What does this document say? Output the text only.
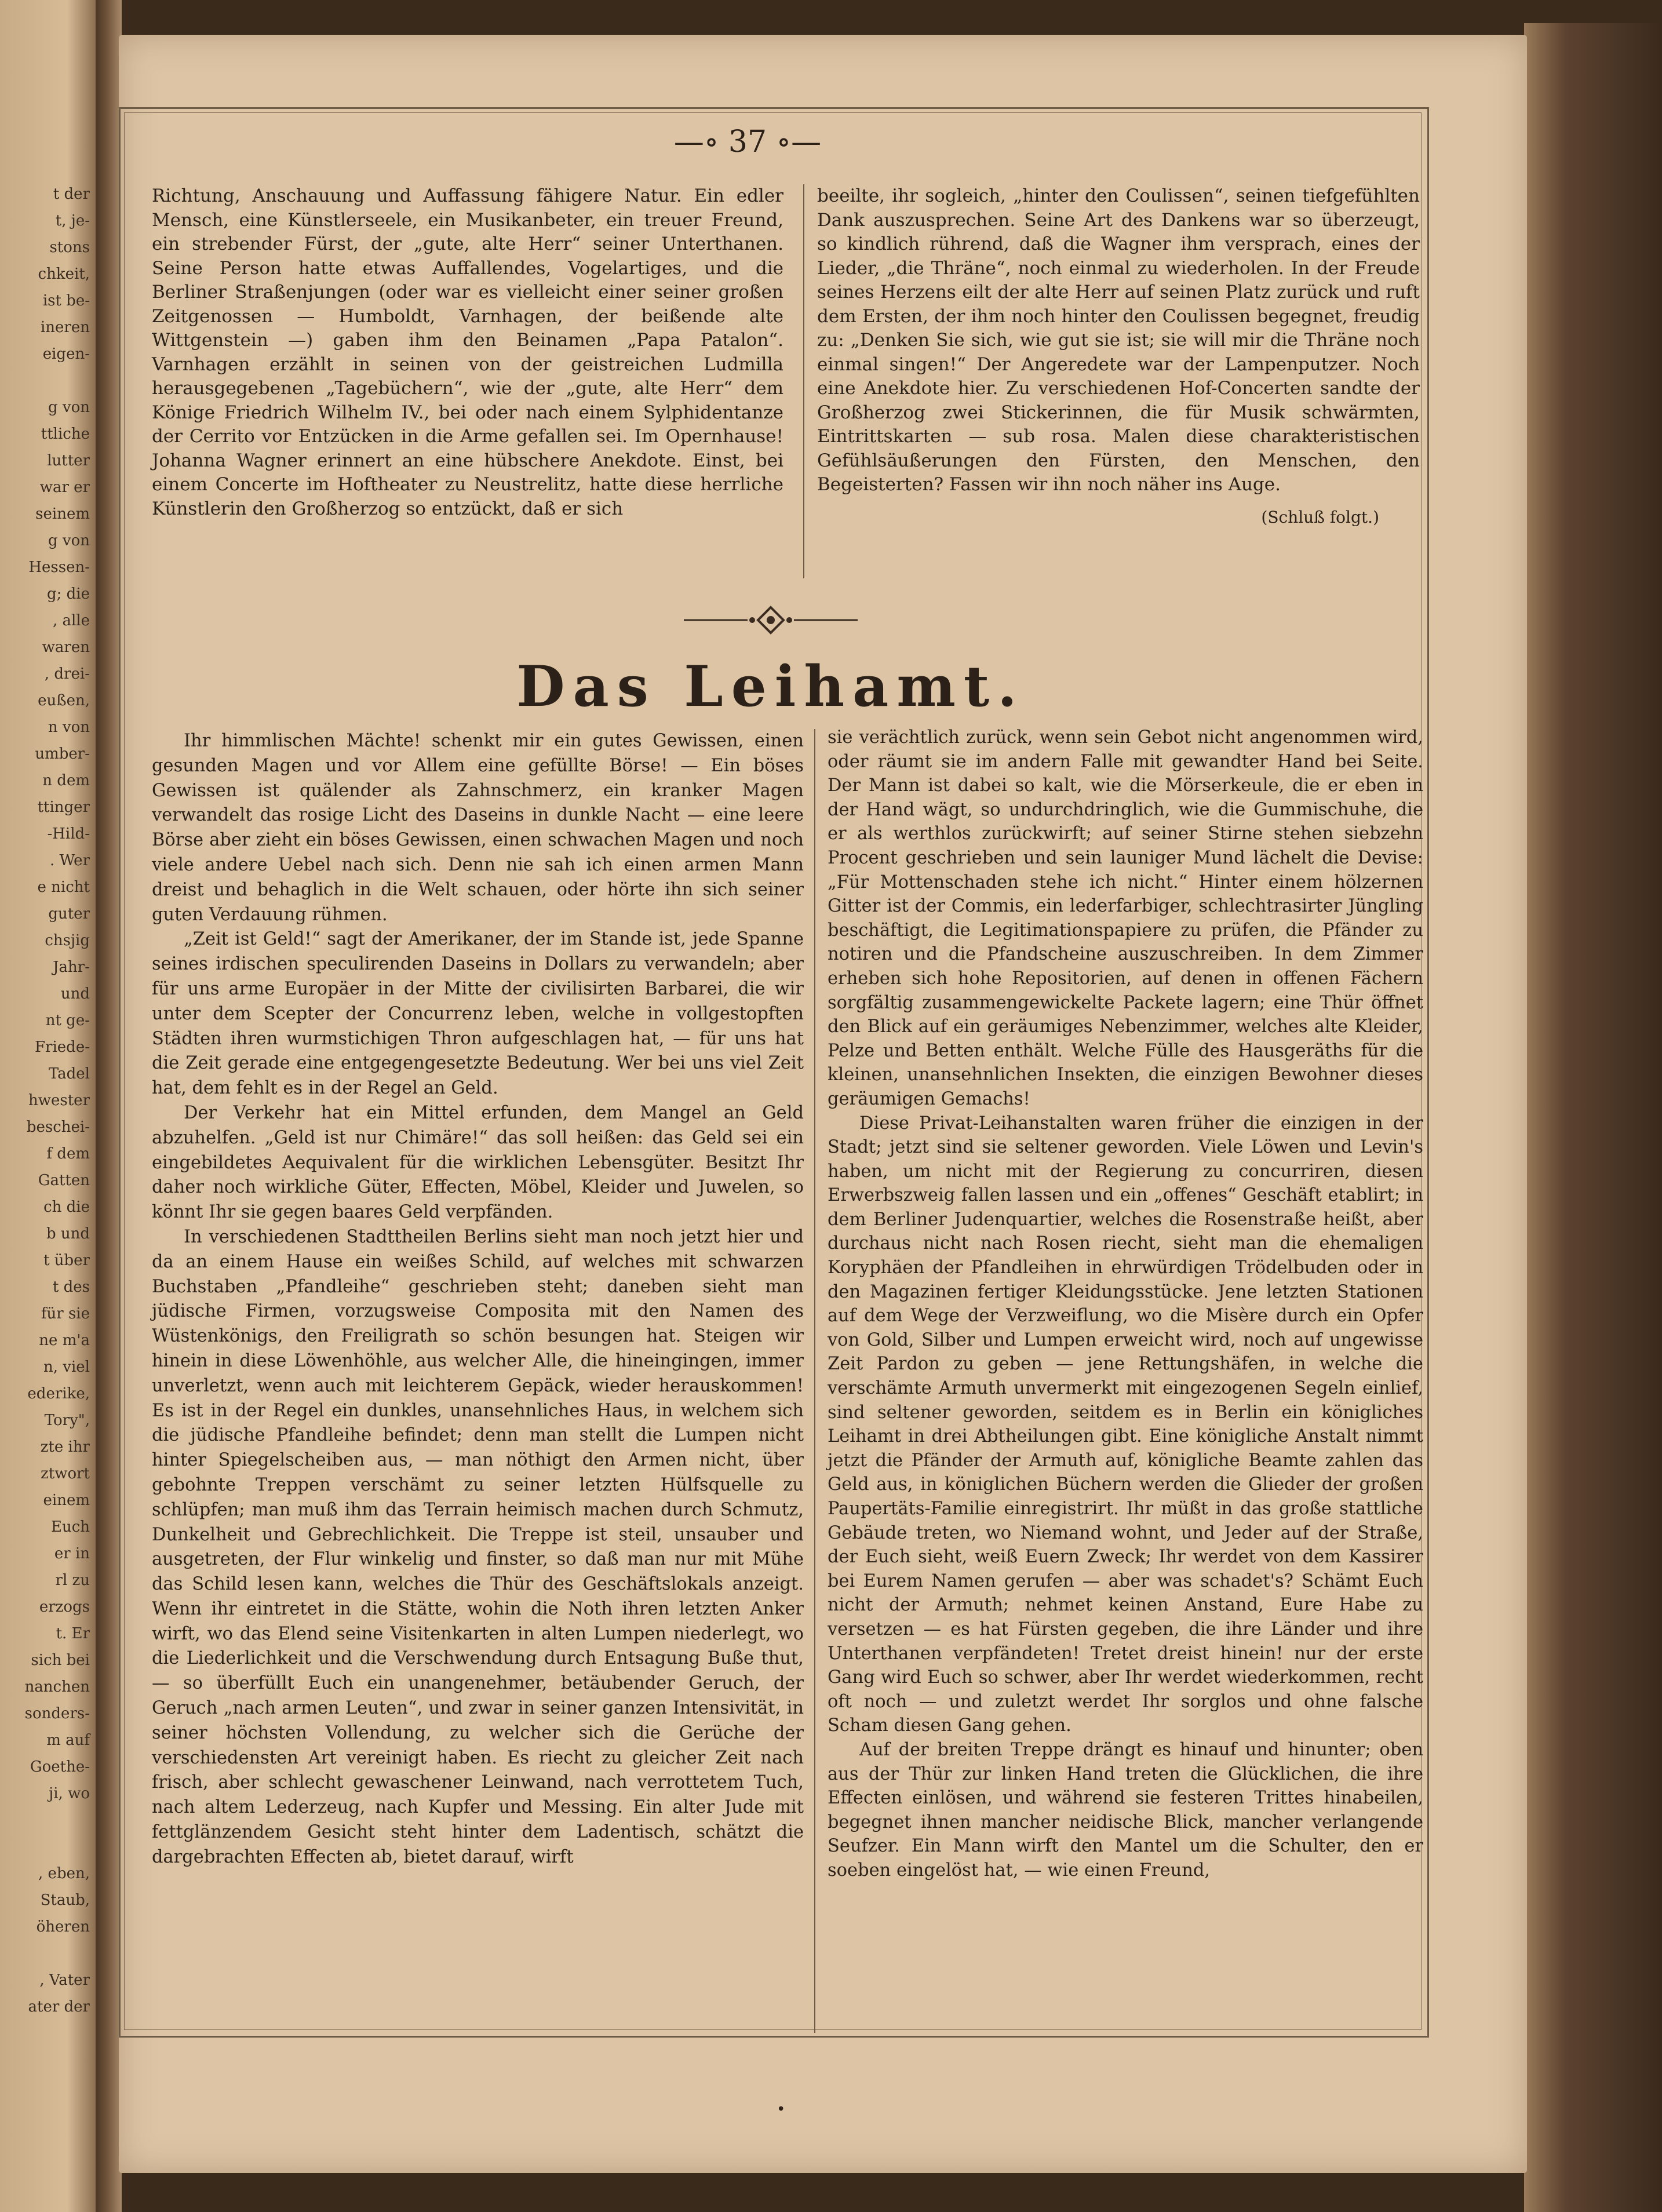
t der
t, je-
stons
chkeit,
ist be-
ineren
eigen-
g von
ttliche
lutter
war er
seinem
g von
Hessen-
g; die
, alle
waren
, drei-
eußen,
n von
umber-
n dem
ttinger
-Hild-
. Wer
e nicht
guter
chsjig
Jahr-
und
nt ge-
Friede-
Tadel
hwester
beschei-
f dem
Gatten
ch die
b und
t über
t des
für sie
ne m'a
n, viel
ederike,
Tory",
zte ihr
ztwort
einem
Euch
er in
rl zu
erzogs
t. Er
sich bei
nanchen
sonders-
m auf
Goethe-
ji, wo
, eben,
Staub,
öheren
, Vater
ater der
—∘ 37 ∘—

Richtung, Anschauung und Auffassung fähigere Natur. Ein edler Mensch, eine Künstlerseele, ein Musikanbeter, ein treuer Freund, ein strebender Fürst, der „gute, alte Herr“ seiner Unterthanen. Seine Person hatte etwas Auffallendes, Vogelartiges, und die Berliner Straßenjungen (oder war es vielleicht einer seiner großen Zeitgenossen — Humboldt, Varnhagen, der beißende alte Wittgenstein —) gaben ihm den Beinamen „Papa Patalon“. Varnhagen erzählt in seinen von der geistreichen Ludmilla herausgegebenen „Tagebüchern“, wie der „gute, alte Herr“ dem Könige Friedrich Wilhelm IV., bei oder nach einem Sylphidentanze der Cerrito vor Entzücken in die Arme gefallen sei. Im Opernhause! Johanna Wagner erinnert an eine hübschere Anekdote. Einst, bei einem Concerte im Hoftheater zu Neustrelitz, hatte diese herrliche Künstlerin den Großherzog so entzückt, daß er sich

beeilte, ihr sogleich, „hinter den Coulissen“, seinen tiefgefühlten Dank auszusprechen. Seine Art des Dankens war so überzeugt, so kindlich rührend, daß die Wagner ihm versprach, eines der Lieder, „die Thräne“, noch einmal zu wiederholen. In der Freude seines Herzens eilt der alte Herr auf seinen Platz zurück und ruft dem Ersten, der ihm noch hinter den Coulissen begegnet, freudig zu: „Denken Sie sich, wie gut sie ist; sie will mir die Thräne noch einmal singen!“ Der Angeredete war der Lampenputzer. Noch eine Anekdote hier. Zu verschiedenen Hof-Concerten sandte der Großherzog zwei Stickerinnen, die für Musik schwärmten, Eintrittskarten — sub rosa. Malen diese charakteristischen Gefühlsäußerungen den Fürsten, den Menschen, den Begeisterten? Fassen wir ihn noch näher ins Auge.

(Schluß folgt.)
Das Leihamt.

Ihr himmlischen Mächte! schenkt mir ein gutes Gewissen, einen gesunden Magen und vor Allem eine gefüllte Börse! — Ein böses Gewissen ist quälender als Zahnschmerz, ein kranker Magen verwandelt das rosige Licht des Daseins in dunkle Nacht — eine leere Börse aber zieht ein böses Gewissen, einen schwachen Magen und noch viele andere Uebel nach sich. Denn nie sah ich einen armen Mann dreist und behaglich in die Welt schauen, oder hörte ihn sich seiner guten Verdauung rühmen.

„Zeit ist Geld!“ sagt der Amerikaner, der im Stande ist, jede Spanne seines irdischen speculirenden Daseins in Dollars zu verwandeln; aber für uns arme Europäer in der Mitte der civilisirten Barbarei, die wir unter dem Scepter der Concurrenz leben, welche in vollgestopften Städten ihren wurmstichigen Thron aufgeschlagen hat, — für uns hat die Zeit gerade eine entgegengesetzte Bedeutung. Wer bei uns viel Zeit hat, dem fehlt es in der Regel an Geld.

Der Verkehr hat ein Mittel erfunden, dem Mangel an Geld abzuhelfen. „Geld ist nur Chimäre!“ das soll heißen: das Geld sei ein eingebildetes Aequivalent für die wirklichen Lebensgüter. Besitzt Ihr daher noch wirkliche Güter, Effecten, Möbel, Kleider und Juwelen, so könnt Ihr sie gegen baares Geld verpfänden.

In verschiedenen Stadttheilen Berlins sieht man noch jetzt hier und da an einem Hause ein weißes Schild, auf welches mit schwarzen Buchstaben „Pfandleihe“ geschrieben steht; daneben sieht man jüdische Firmen, vorzugsweise Composita mit den Namen des Wüstenkönigs, den Freiligrath so schön besungen hat. Steigen wir hinein in diese Löwenhöhle, aus welcher Alle, die hineingingen, immer unverletzt, wenn auch mit leichterem Gepäck, wieder herauskommen! Es ist in der Regel ein dunkles, unansehnliches Haus, in welchem sich die jüdische Pfandleihe befindet; denn man stellt die Lumpen nicht hinter Spiegelscheiben aus, — man nöthigt den Armen nicht, über gebohnte Treppen verschämt zu seiner letzten Hülfsquelle zu schlüpfen; man muß ihm das Terrain heimisch machen durch Schmutz, Dunkelheit und Gebrechlichkeit. Die Treppe ist steil, unsauber und ausgetreten, der Flur winkelig und finster, so daß man nur mit Mühe das Schild lesen kann, welches die Thür des Geschäftslokals anzeigt. Wenn ihr eintretet in die Stätte, wohin die Noth ihren letzten Anker wirft, wo das Elend seine Visitenkarten in alten Lumpen niederlegt, wo die Liederlichkeit und die Verschwendung durch Entsagung Buße thut, — so überfüllt Euch ein unangenehmer, betäubender Geruch, der Geruch „nach armen Leuten“, und zwar in seiner ganzen Intensivität, in seiner höchsten Vollendung, zu welcher sich die Gerüche der verschiedensten Art vereinigt haben. Es riecht zu gleicher Zeit nach frisch, aber schlecht gewaschener Leinwand, nach verrottetem Tuch, nach altem Lederzeug, nach Kupfer und Messing. Ein alter Jude mit fettglänzendem Gesicht steht hinter dem Ladentisch, schätzt die dargebrachten Effecten ab, bietet darauf, wirft

sie verächtlich zurück, wenn sein Gebot nicht angenommen wird, oder räumt sie im andern Falle mit gewandter Hand bei Seite. Der Mann ist dabei so kalt, wie die Mörserkeule, die er eben in der Hand wägt, so undurchdringlich, wie die Gummischuhe, die er als werthlos zurückwirft; auf seiner Stirne stehen siebzehn Procent geschrieben und sein launiger Mund lächelt die Devise: „Für Mottenschaden stehe ich nicht.“ Hinter einem hölzernen Gitter ist der Commis, ein lederfarbiger, schlechtrasirter Jüngling beschäftigt, die Legitimationspapiere zu prüfen, die Pfänder zu notiren und die Pfandscheine auszuschreiben. In dem Zimmer erheben sich hohe Repositorien, auf denen in offenen Fächern sorgfältig zusammengewickelte Packete lagern; eine Thür öffnet den Blick auf ein geräumiges Nebenzimmer, welches alte Kleider, Pelze und Betten enthält. Welche Fülle des Hausgeräths für die kleinen, unansehnlichen Insekten, die einzigen Bewohner dieses geräumigen Gemachs!

Diese Privat-Leihanstalten waren früher die einzigen in der Stadt; jetzt sind sie seltener geworden. Viele Löwen und Levin's haben, um nicht mit der Regierung zu concurriren, diesen Erwerbszweig fallen lassen und ein „offenes“ Geschäft etablirt; in dem Berliner Judenquartier, welches die Rosenstraße heißt, aber durchaus nicht nach Rosen riecht, sieht man die ehemaligen Koryphäen der Pfandleihen in ehrwürdigen Trödelbuden oder in den Magazinen fertiger Kleidungsstücke. Jene letzten Stationen auf dem Wege der Verzweiflung, wo die Misère durch ein Opfer von Gold, Silber und Lumpen erweicht wird, noch auf ungewisse Zeit Pardon zu geben — jene Rettungshäfen, in welche die verschämte Armuth unvermerkt mit eingezogenen Segeln einlief, sind seltener geworden, seitdem es in Berlin ein königliches Leihamt in drei Abtheilungen gibt. Eine königliche Anstalt nimmt jetzt die Pfänder der Armuth auf, königliche Beamte zahlen das Geld aus, in königlichen Büchern werden die Glieder der großen Paupertäts-Familie einregistrirt. Ihr müßt in das große stattliche Gebäude treten, wo Niemand wohnt, und Jeder auf der Straße, der Euch sieht, weiß Euern Zweck; Ihr werdet von dem Kassirer bei Eurem Namen gerufen — aber was schadet's? Schämt Euch nicht der Armuth; nehmet keinen Anstand, Eure Habe zu versetzen — es hat Fürsten gegeben, die ihre Länder und ihre Unterthanen verpfändeten! Tretet dreist hinein! nur der erste Gang wird Euch so schwer, aber Ihr werdet wiederkommen, recht oft noch — und zuletzt werdet Ihr sorglos und ohne falsche Scham diesen Gang gehen.

Auf der breiten Treppe drängt es hinauf und hinunter; oben aus der Thür zur linken Hand treten die Glücklichen, die ihre Effecten einlösen, und während sie festeren Trittes hinabeilen, begegnet ihnen mancher neidische Blick, mancher verlangende Seufzer. Ein Mann wirft den Mantel um die Schulter, den er soeben eingelöst hat, — wie einen Freund,

•
